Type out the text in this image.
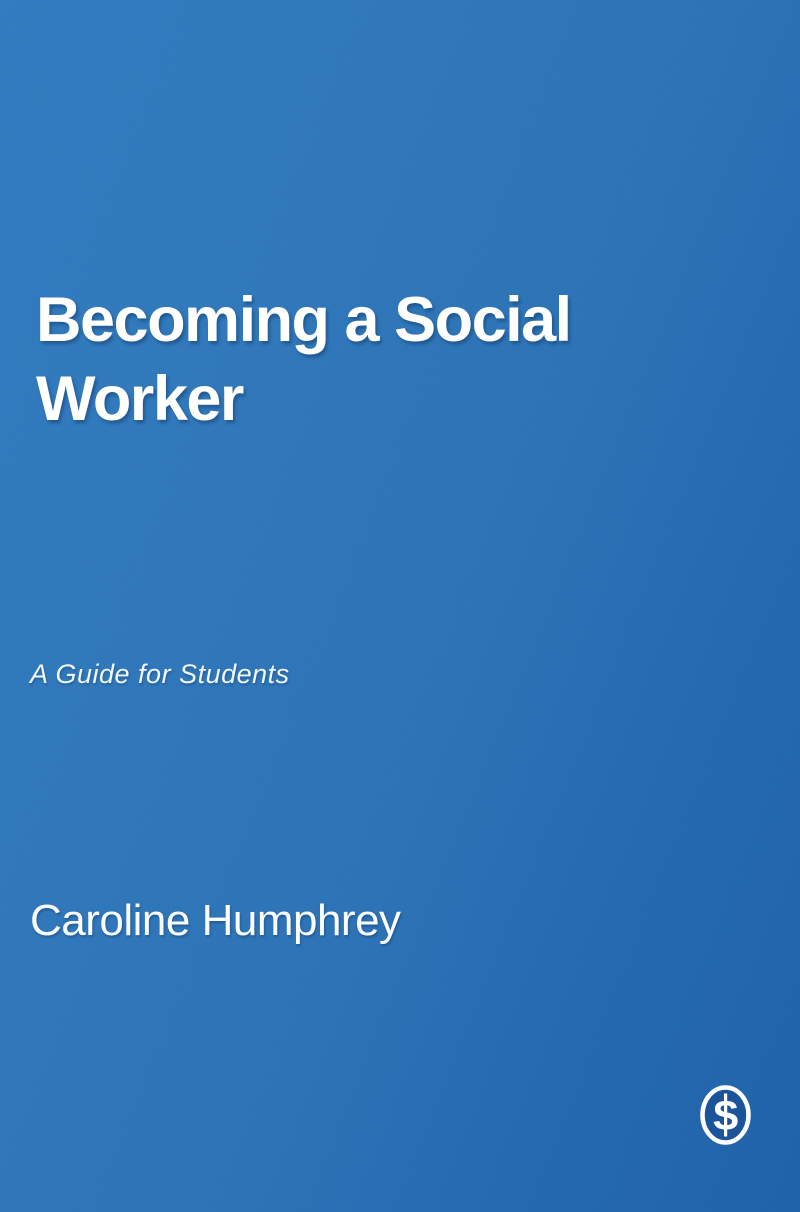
Becoming a Social Worker

A Guide for Students

Caroline Humphrey

S
